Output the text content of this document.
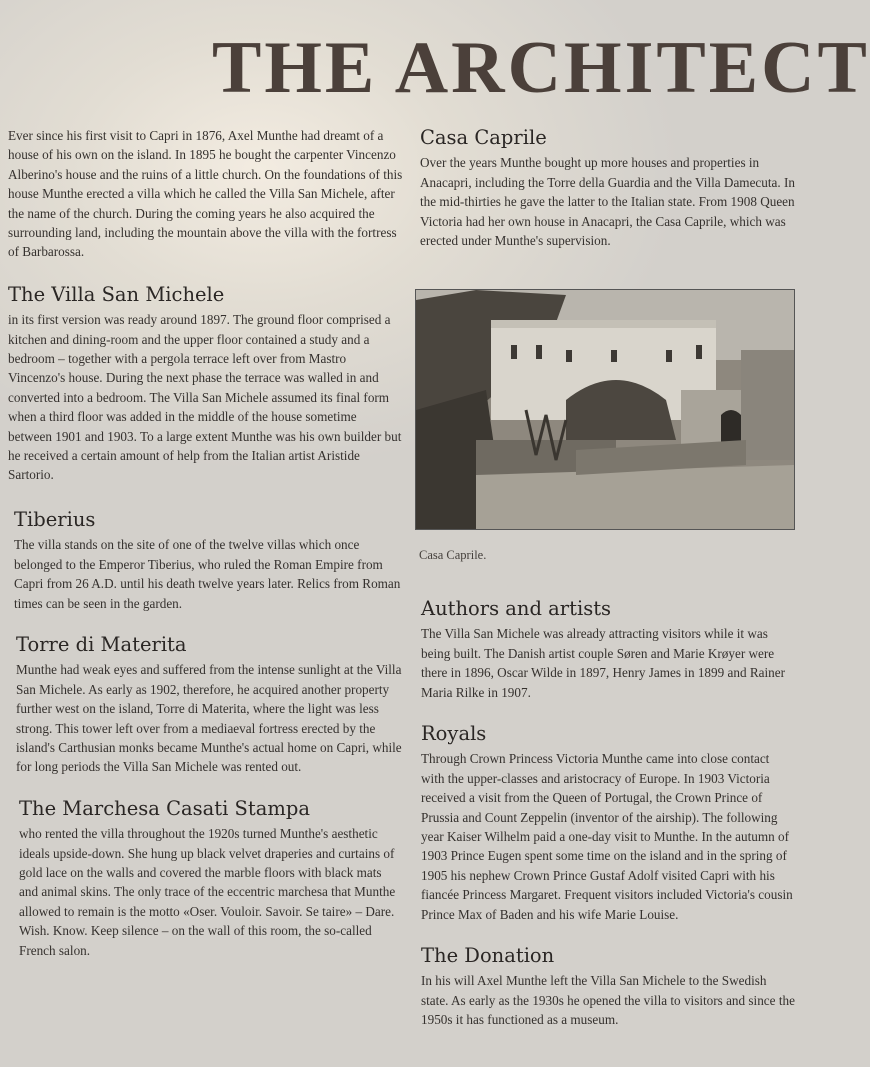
THE ARCHITECT

Ever since his first visit to Capri in 1876, Axel Munthe had dreamt of a house of his own on the island. In 1895 he bought the carpenter Vincenzo Alberino's house and the ruins of a little church. On the foundations of this house Munthe erected a villa which he called the Villa San Michele, after the name of the church. During the coming years he also acquired the surrounding land, including the mountain above the villa with the fortress of Barbarossa.

The Villa San Michele

in its first version was ready around 1897. The ground floor comprised a kitchen and dining-room and the upper floor contained a study and a bedroom – together with a pergola terrace left over from Mastro Vincenzo's house. During the next phase the terrace was walled in and converted into a bedroom. The Villa San Michele assumed its final form when a third floor was added in the middle of the house sometime between 1901 and 1903. To a large extent Munthe was his own builder but he received a certain amount of help from the Italian artist Aristide Sartorio.

Tiberius

The villa stands on the site of one of the twelve villas which once belonged to the Emperor Tiberius, who ruled the Roman Empire from Capri from 26 A.D. until his death twelve years later. Relics from Roman times can be seen in the garden.

Torre di Materita

Munthe had weak eyes and suffered from the intense sunlight at the Villa San Michele. As early as 1902, therefore, he acquired another property further west on the island, Torre di Materita, where the light was less strong. This tower left over from a mediaeval fortress erected by the island's Carthusian monks became Munthe's actual home on Capri, while for long periods the Villa San Michele was rented out.

The Marchesa Casati Stampa

who rented the villa throughout the 1920s turned Munthe's aesthetic ideals upside-down. She hung up black velvet draperies and curtains of gold lace on the walls and covered the marble floors with black mats and animal skins. The only trace of the eccentric marchesa that Munthe allowed to remain is the motto «Oser. Vouloir. Savoir. Se taire» – Dare. Wish. Know. Keep silence – on the wall of this room, the so-called French salon.

Casa Caprile

Over the years Munthe bought up more houses and properties in Anacapri, including the Torre della Guardia and the Villa Damecuta. In the mid-thirties he gave the latter to the Italian state. From 1908 Queen Victoria had her own house in Anacapri, the Casa Caprile, which was erected under Munthe's supervision.

Casa Caprile.

Authors and artists

The Villa San Michele was already attracting visitors while it was being built. The Danish artist couple Søren and Marie Krøyer were there in 1896, Oscar Wilde in 1897, Henry James in 1899 and Rainer Maria Rilke in 1907.

Royals

Through Crown Princess Victoria Munthe came into close contact with the upper-classes and aristocracy of Europe. In 1903 Victoria received a visit from the Queen of Portugal, the Crown Prince of Prussia and Count Zeppelin (inventor of the airship). The following year Kaiser Wilhelm paid a one-day visit to Munthe. In the autumn of 1903 Prince Eugen spent some time on the island and in the spring of 1905 his nephew Crown Prince Gustaf Adolf visited Capri with his fiancée Princess Margaret. Frequent visitors included Victoria's cousin Prince Max of Baden and his wife Marie Louise.

The Donation

In his will Axel Munthe left the Villa San Michele to the Swedish state. As early as the 1930s he opened the villa to visitors and since the 1950s it has functioned as a museum.
